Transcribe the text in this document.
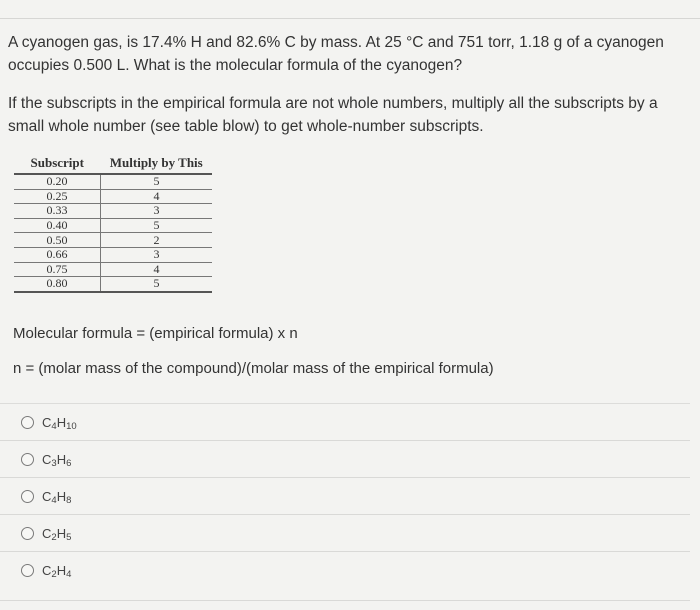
A cyanogen gas, is 17.4% H and 82.6% C by mass. At 25 °C and 751 torr, 1.18 g of a cyanogen occupies 0.500 L. What is the molecular formula of the cyanogen?
If the subscripts in the empirical formula are not whole numbers, multiply all the subscripts by a small whole number (see table blow) to get whole-number subscripts.
Subscript	Multiply by This
0.20	5
0.25	4
0.33	3
0.40	5
0.50	2
0.66	3
0.75	4
0.80	5
Molecular formula = (empirical formula) x n
n = (molar mass of the compound)/(molar mass of the empirical formula)
$C_4H_{10}$
$C_3H_6$
$C_4H_8$
$C_2H_5$
$C_2H_4$
